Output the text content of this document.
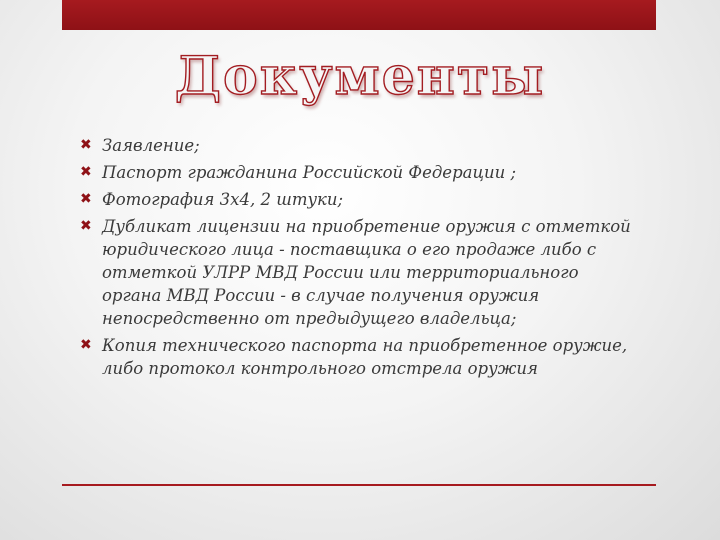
Документы
✖ Заявление;
✖ Паспорт гражданина Российской Федерации ;
✖ Фотография 3х4, 2 штуки;
✖ Дубликат лицензии на приобретение оружия с отметкой юридического лица - поставщика о его продаже либо с отметкой УЛРР МВД России или территориального органа МВД России - в случае получения оружия непосредственно от предыдущего владельца;
✖ Копия технического паспорта на приобретенное оружие, либо протокол контрольного отстрела оружия
